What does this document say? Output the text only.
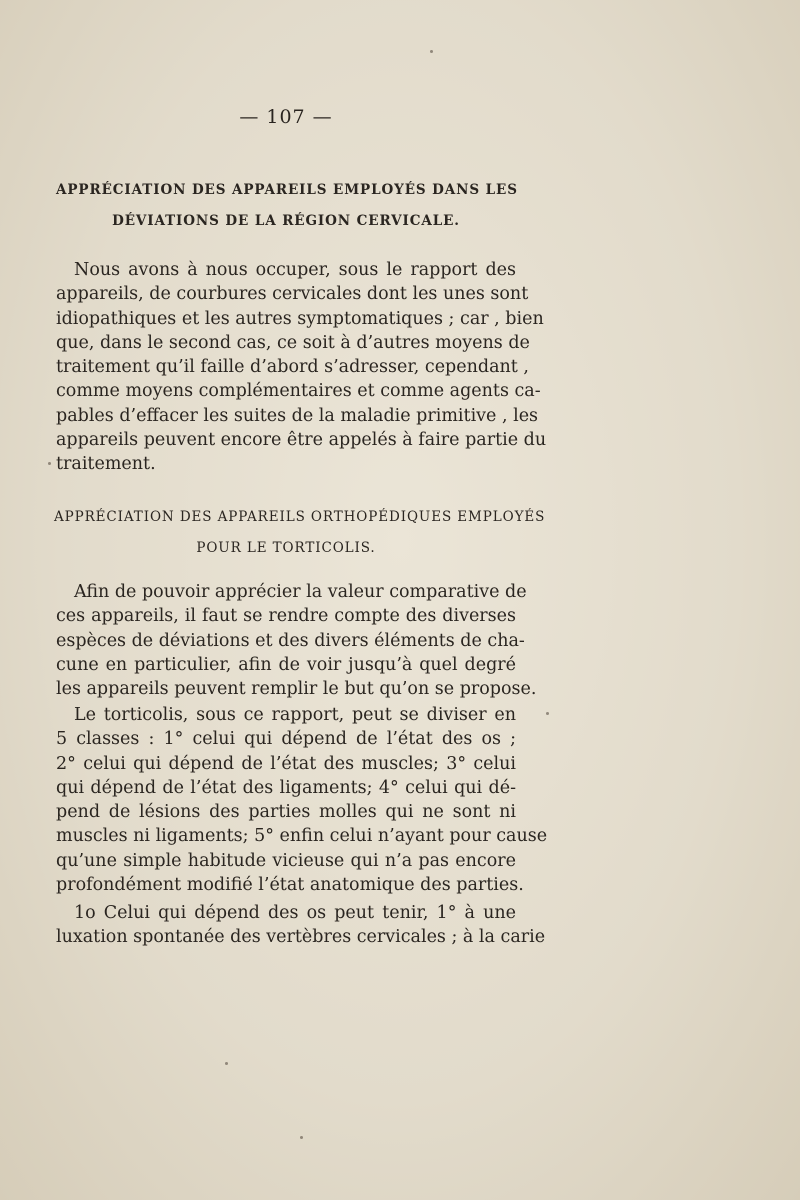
— 107 —
APPRÉCIATION DES APPAREILS EMPLOYÉS DANS LES
DÉVIATIONS DE LA RÉGION CERVICALE.
Nous avons à nous occuper, sous le rapport des
appareils, de courbures cervicales dont les unes sont
idiopathiques et les autres symptomatiques ; car , bien
que, dans le second cas, ce soit à d’autres moyens de
traitement qu’il faille d’abord s’adresser, cependant ,
comme moyens complémentaires et comme agents ca-
pables d’effacer les suites de la maladie primitive , les
appareils peuvent encore être appelés à faire partie du
traitement.
APPRÉCIATION DES APPAREILS ORTHOPÉDIQUES EMPLOYÉS
POUR LE TORTICOLIS.
Afin de pouvoir apprécier la valeur comparative de
ces appareils, il faut se rendre compte des diverses
espèces de déviations et des divers éléments de cha-
cune en particulier, afin de voir jusqu’à quel degré
les appareils peuvent remplir le but qu’on se propose.
Le torticolis, sous ce rapport, peut se diviser en
5 classes : 1° celui qui dépend de l’état des os ;
2° celui qui dépend de l’état des muscles; 3° celui
qui dépend de l’état des ligaments; 4° celui qui dé-
pend de lésions des parties molles qui ne sont ni
muscles ni ligaments; 5° enfin celui n’ayant pour cause
qu’une simple habitude vicieuse qui n’a pas encore
profondément modifié l’état anatomique des parties.
1o Celui qui dépend des os peut tenir, 1° à une
luxation spontanée des vertèbres cervicales ; à la carie
